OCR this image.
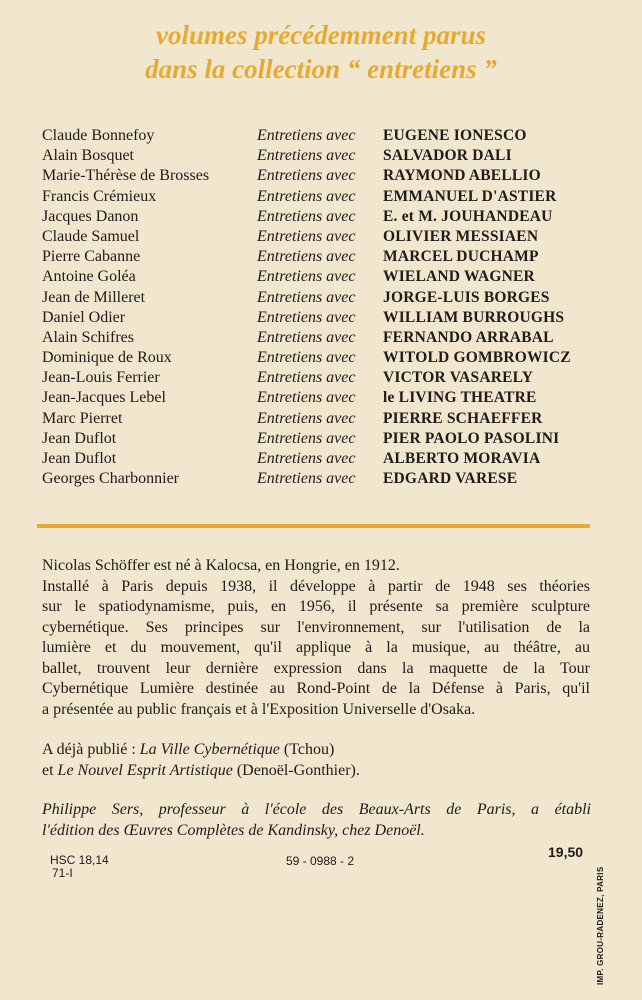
volumes précédemment parus
dans la collection “ entretiens ”
Claude Bonnefoy	Entretiens avec EUGENE IONESCO
Alain Bosquet	Entretiens avec SALVADOR DALI
Marie-Thérèse de Brosses	Entretiens avec RAYMOND ABELLIO
Francis Crémieux	Entretiens avec EMMANUEL D'ASTIER
Jacques Danon	Entretiens avec E. et M. JOUHANDEAU
Claude Samuel	Entretiens avec OLIVIER MESSIAEN
Pierre Cabanne	Entretiens avec MARCEL DUCHAMP
Antoine Goléa	Entretiens avec WIELAND WAGNER
Jean de Milleret	Entretiens avec JORGE-LUIS BORGES
Daniel Odier	Entretiens avec WILLIAM BURROUGHS
Alain Schifres	Entretiens avec FERNANDO ARRABAL
Dominique de Roux	Entretiens avec WITOLD GOMBROWICZ
Jean-Louis Ferrier	Entretiens avec VICTOR VASARELY
Jean-Jacques Lebel	Entretiens avec le LIVING THEATRE
Marc Pierret	Entretiens avec PIERRE SCHAEFFER
Jean Duflot	Entretiens avec PIER PAOLO PASOLINI
Jean Duflot	Entretiens avec ALBERTO MORAVIA
Georges Charbonnier	Entretiens avec EDGARD VARESE
Nicolas Schöffer est né à Kalocsa, en Hongrie, en 1912.
Installé à Paris depuis 1938, il développe à partir de 1948 ses théories
sur le spatiodynamisme, puis, en 1956, il présente sa première sculpture
cybernétique. Ses principes sur l'environnement, sur l'utilisation de la
lumière et du mouvement, qu'il applique à la musique, au théâtre, au
ballet, trouvent leur dernière expression dans la maquette de la Tour
Cybernétique Lumière destinée au Rond-Point de la Défense à Paris, qu'il
a présentée au public français et à l'Exposition Universelle d'Osaka.
A déjà publié : La Ville Cybernétique (Tchou)
et Le Nouvel Esprit Artistique (Denoël-Gonthier).
Philippe Sers, professeur à l'école des Beaux-Arts de Paris, a établi
l'édition des Œuvres Complètes de Kandinsky, chez Denoël.
HSC 18,14
71-I
59 - 0988 - 2
19,50
IMP. GROU-RADENEZ, PARIS
